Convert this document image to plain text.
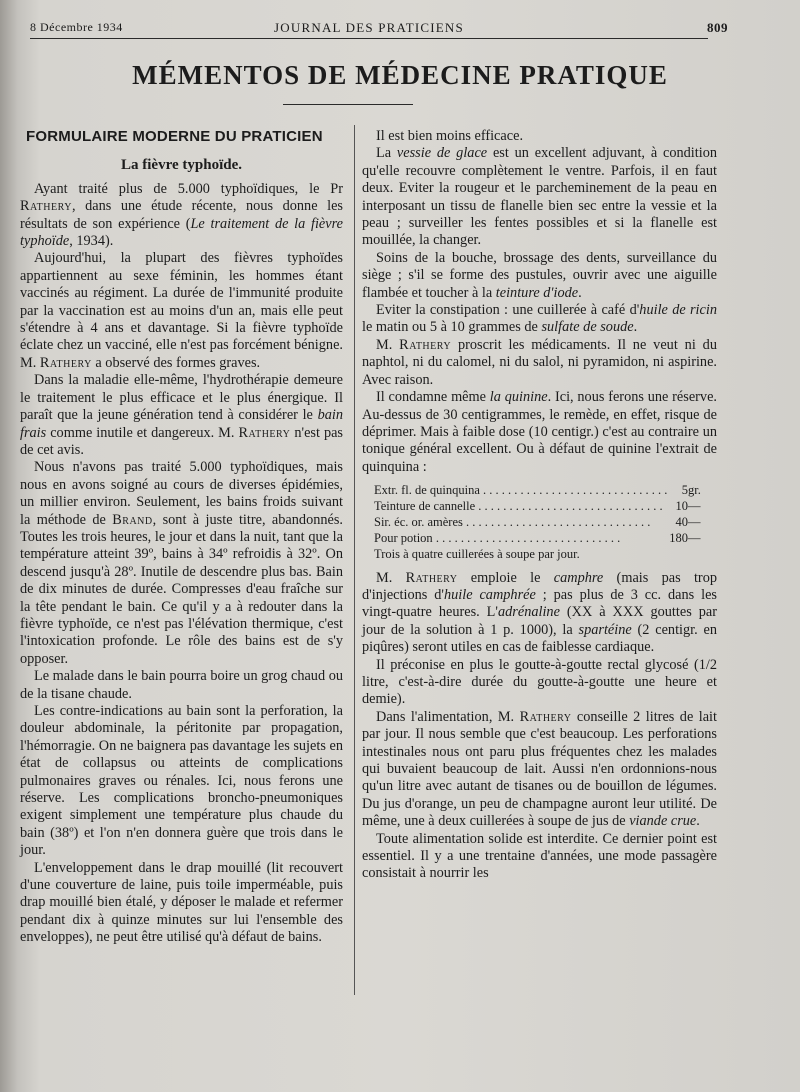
8 Décembre 1934	JOURNAL DES PRATICIENS	809
MÉMENTOS DE MÉDECINE PRATIQUE

FORMULAIRE MODERNE DU PRATICIEN

La fièvre typhoïde.

Ayant traité plus de 5.000 typhoïdiques, le Pr Rathery, dans une étude récente, nous donne les résultats de son expérience (Le traitement de la fièvre typhoïde, 1934).

Aujourd'hui, la plupart des fièvres typhoïdes appartiennent au sexe féminin, les hommes étant vaccinés au régiment. La durée de l'immunité produite par la vaccination est au moins d'un an, mais elle peut s'étendre à 4 ans et davantage. Si la fièvre typhoïde éclate chez un vacciné, elle n'est pas forcément bénigne. M. Rathery a observé des formes graves.

Dans la maladie elle-même, l'hydrothérapie demeure le traitement le plus efficace et le plus énergique. Il paraît que la jeune génération tend à considérer le bain frais comme inutile et dangereux. M. Rathery n'est pas de cet avis.

Nous n'avons pas traité 5.000 typhoïdiques, mais nous en avons soigné au cours de diverses épidémies, un millier environ. Seulement, les bains froids suivant la méthode de Brand, sont à juste titre, abandonnés. Toutes les trois heures, le jour et dans la nuit, tant que la température atteint 39º, bains à 34º refroidis à 32º. On descend jusqu'à 28º. Inutile de descendre plus bas. Bain de dix minutes de durée. Compresses d'eau fraîche sur la tête pendant le bain. Ce qu'il y a à redouter dans la fièvre typhoïde, ce n'est pas l'élévation thermique, c'est l'intoxication profonde. Le rôle des bains est de s'y opposer.

Le malade dans le bain pourra boire un grog chaud ou de la tisane chaude.

Les contre-indications au bain sont la perforation, la douleur abdominale, la péritonite par propagation, l'hémorragie. On ne baignera pas davantage les sujets en état de collapsus ou atteints de complications pulmonaires graves ou rénales. Ici, nous ferons une réserve. Les complications broncho-pneumoniques exigent simplement une température plus chaude du bain (38º) et l'on n'en donnera guère que trois dans le jour.

L'enveloppement dans le drap mouillé (lit recouvert d'une couverture de laine, puis toile imperméable, puis drap mouillé bien étalé, y déposer le malade et refermer pendant dix à quinze minutes sur lui l'ensemble des enveloppes), ne peut être utilisé qu'à défaut de bains.

Il est bien moins efficace.

La vessie de glace est un excellent adjuvant, à condition qu'elle recouvre complètement le ventre. Parfois, il en faut deux. Eviter la rougeur et le parcheminement de la peau en interposant un tissu de flanelle bien sec entre la vessie et la peau ; surveiller les fentes possibles et si la flanelle est mouillée, la changer.

Soins de la bouche, brossage des dents, surveillance du siège ; s'il se forme des pustules, ouvrir avec une aiguille flambée et toucher à la teinture d'iode.

Eviter la constipation : une cuillerée à café d'huile de ricin le matin ou 5 à 10 grammes de sulfate de soude.

M. Rathery proscrit les médicaments. Il ne veut ni du naphtol, ni du calomel, ni du salol, ni pyramidon, ni aspirine. Avec raison.

Il condamne même la quinine. Ici, nous ferons une réserve. Au-dessus de 30 centigrammes, le remède, en effet, risque de déprimer. Mais à faible dose (10 centigr.) c'est au contraire un tonique général excellent. Ou à défaut de quinine l'extrait de quinquina :

Extr. fl. de quinquina . . .	5	gr.
Teinture de cannelle . . .	10	—
Sir. éc. or. amères . . .	40	—
Pour potion . . .	180	—

Trois à quatre cuillerées à soupe par jour.

M. Rathery emploie le camphre (mais pas trop d'injections d'huile camphrée ; pas plus de 3 cc. dans les vingt-quatre heures. L'adrénaline (XX à XXX gouttes par jour de la solution à 1 p. 1000), la spartéine (2 centigr. en piqûres) seront utiles en cas de faiblesse cardiaque.

Il préconise en plus le goutte-à-goutte rectal glycosé (1/2 litre, c'est-à-dire durée du goutte-à-goutte une heure et demie).

Dans l'alimentation, M. Rathery conseille 2 litres de lait par jour. Il nous semble que c'est beaucoup. Les perforations intestinales nous ont paru plus fréquentes chez les malades qui buvaient beaucoup de lait. Aussi n'en ordonnions-nous qu'un litre avec autant de tisanes ou de bouillon de légumes. Du jus d'orange, un peu de champagne auront leur utilité. De même, une à deux cuillerées à soupe de jus de viande crue.

Toute alimentation solide est interdite. Ce dernier point est essentiel. Il y a une trentaine d'années, une mode passagère consistait à nourrir les
